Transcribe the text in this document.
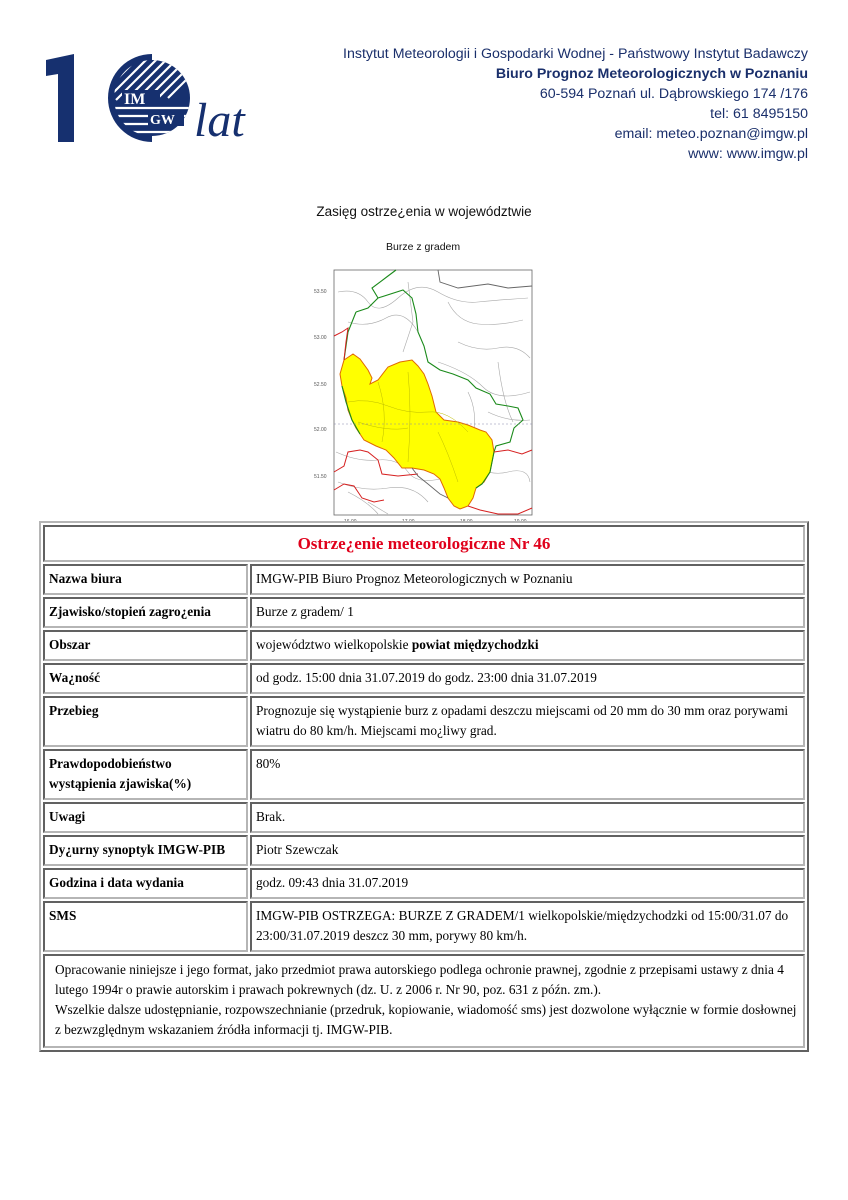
IM
GW lat
Instytut Meteorologii i Gospodarki Wodnej - Państwowy Instytut Badawczy
Biuro Prognoz Meteorologicznych w Poznaniu
60-594 Poznań ul. Dąbrowskiego 174 /176
tel: 61 8495150
email: meteo.poznan@imgw.pl
www: www.imgw.pl
Zasięg ostrze¿enia w województwie
Burze z gradem
53.50
53.00
52.50
52.00
51.50
Ostrze¿enie meteorologiczne Nr 46	
Nazwa biura	IMGW-PIB Biuro Prognoz Meteorologicznych w Poznaniu
Zjawisko/stopień zagro¿enia	Burze z gradem/ 1
Obszar	województwo wielkopolskie powiat międzychodzki
Wa¿ność	od godz. 15:00 dnia 31.07.2019 do godz. 23:00 dnia 31.07.2019
Przebieg	Prognozuje się wystąpienie burz z opadami deszczu miejscami od 20 mm do 30 mm oraz porywami wiatru do 80 km/h. Miejscami mo¿liwy grad.
Prawdopodobieństwo wystąpienia zjawiska(%)	80%
Uwagi	Brak.
Dy¿urny synoptyk IMGW-PIB	Piotr Szewczak
Godzina i data wydania	godz. 09:43 dnia 31.07.2019
SMS	IMGW-PIB OSTRZEGA: BURZE Z GRADEM/1 wielkopolskie/międzychodzki od 15:00/31.07 do 23:00/31.07.2019 deszcz 30 mm, porywy 80 km/h.

Opracowanie niniejsze i jego format, jako przedmiot prawa autorskiego podlega ochronie prawnej, zgodnie z przepisami ustawy z dnia 4 lutego 1994r o prawie autorskim i prawach pokrewnych (dz. U. z 2006 r. Nr 90, poz. 631 z późn. zm.).
Wszelkie dalsze udostępnianie, rozpowszechnianie (przedruk, kopiowanie, wiadomość sms) jest dozwolone wyłącznie w formie dosłownej z bezwzględnym wskazaniem źródła informacji tj. IMGW-PIB.	
